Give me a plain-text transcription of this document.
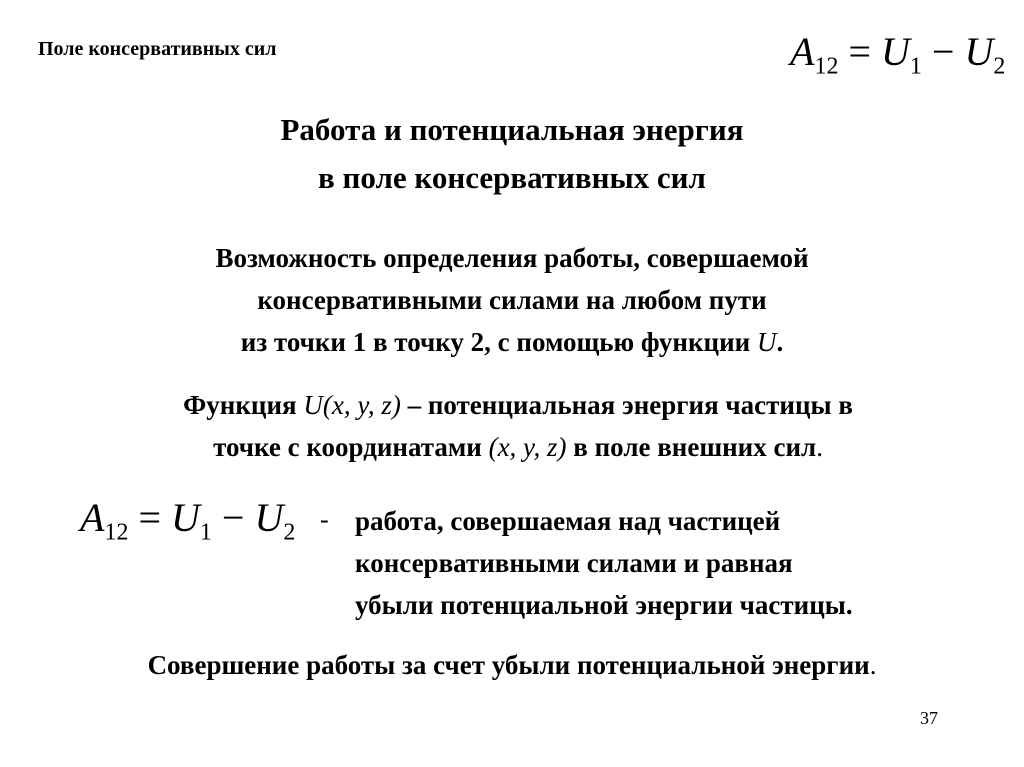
Поле консервативных сил	$A_{12} = U_1 - U_2$
Работа и потенциальная энергия
в поле консервативных сил
Возможность определения работы, совершаемой
консервативными силами на любом пути
из точки 1 в точку 2, с помощью функции U.
Функция U(x, y, z) – потенциальная энергия частицы в
точке с координатами (x, y, z) в поле внешних сил.
$A_{12} = U_1 - U_2$ - работа, совершаемая над частицей
консервативными силами и равная
убыли потенциальной энергии частицы.
Совершение работы за счет убыли потенциальной энергии.
37
